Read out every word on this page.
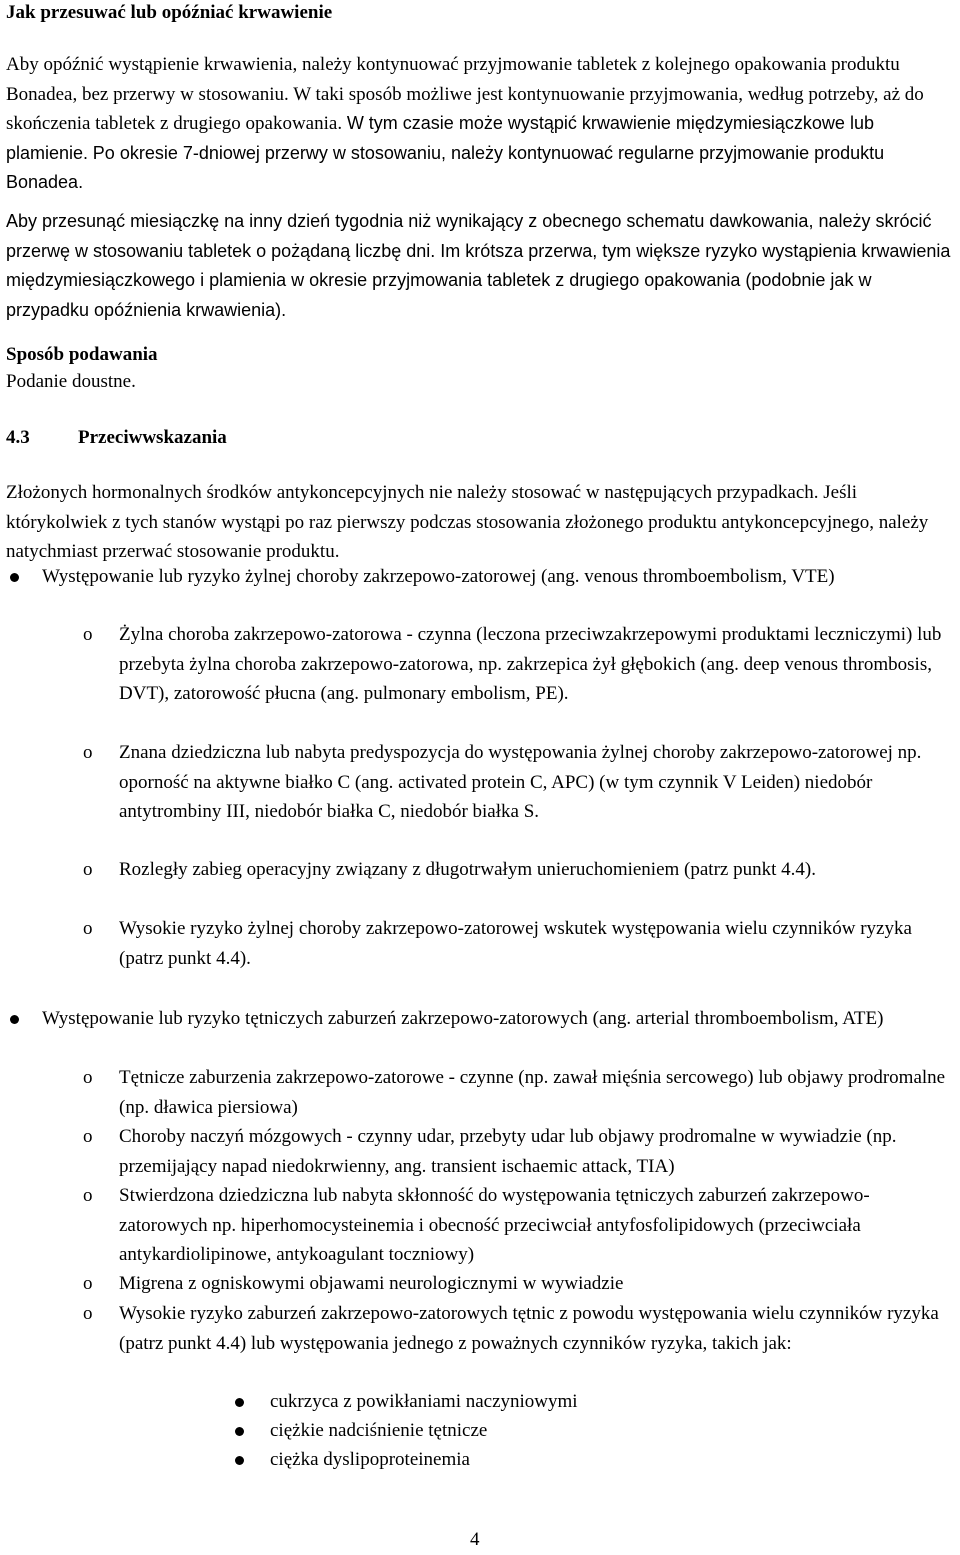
Jak przesuwać lub opóźniać krwawienie
Aby opóźnić wystąpienie krwawienia, należy kontynuować przyjmowanie tabletek z kolejnego opakowania produktu Bonadea, bez przerwy w stosowaniu. W taki sposób możliwe jest kontynuowanie przyjmowania, według potrzeby, aż do skończenia tabletek z drugiego opakowania. W tym czasie może wystąpić krwawienie międzymiesiączkowe lub plamienie. Po okresie 7-dniowej przerwy w stosowaniu, należy kontynuować regularne przyjmowanie produktu Bonadea.
Aby przesunąć miesiączkę na inny dzień tygodnia niż wynikający z obecnego schematu dawkowania, należy skrócić przerwę w stosowaniu tabletek o pożądaną liczbę dni. Im krótsza przerwa, tym większe ryzyko wystąpienia krwawienia międzymiesiączkowego i plamienia w okresie przyjmowania tabletek z drugiego opakowania (podobnie jak w przypadku opóźnienia krwawienia).
Sposób podawania
Podanie doustne.
4.3	Przeciwwskazania
Złożonych hormonalnych środków antykoncepcyjnych nie należy stosować w następujących przypadkach. Jeśli którykolwiek z tych stanów wystąpi po raz pierwszy podczas stosowania złożonego produktu antykoncepcyjnego, należy natychmiast przerwać stosowanie produktu.
Występowanie lub ryzyko żylnej choroby zakrzepowo-zatorowej (ang. venous thromboembolism, VTE)
o Żylna choroba zakrzepowo-zatorowa - czynna (leczona przeciwzakrzepowymi produktami leczniczymi) lub przebyta żylna choroba zakrzepowo-zatorowa, np. zakrzepica żył głębokich (ang. deep venous thrombosis, DVT), zatorowość płucna (ang. pulmonary embolism, PE).
o Znana dziedziczna lub nabyta predyspozycja do występowania żylnej choroby zakrzepowo-zatorowej np. oporność na aktywne białko C (ang. activated protein C, APC) (w tym czynnik V Leiden) niedobór antytrombiny III, niedobór białka C, niedobór białka S.
o Rozległy zabieg operacyjny związany z długotrwałym unieruchomieniem (patrz punkt 4.4).
o Wysokie ryzyko żylnej choroby zakrzepowo-zatorowej wskutek występowania wielu czynników ryzyka (patrz punkt 4.4).
Występowanie lub ryzyko tętniczych zaburzeń zakrzepowo-zatorowych (ang. arterial thromboembolism, ATE)
o Tętnicze zaburzenia zakrzepowo-zatorowe - czynne (np. zawał mięśnia sercowego) lub objawy prodromalne (np. dławica piersiowa)
o Choroby naczyń mózgowych - czynny udar, przebyty udar lub objawy prodromalne w wywiadzie (np. przemijający napad niedokrwienny, ang. transient ischaemic attack, TIA)
o Stwierdzona dziedziczna lub nabyta skłonność do występowania tętniczych zaburzeń zakrzepowo-zatorowych np. hiperhomocysteinemia i obecność przeciwciał antyfosfolipidowych (przeciwciała antykardiolipinowe, antykoagulant toczniowy)
o Migrena z ogniskowymi objawami neurologicznymi w wywiadzie
o Wysokie ryzyko zaburzeń zakrzepowo-zatorowych tętnic z powodu występowania wielu czynników ryzyka (patrz punkt 4.4) lub występowania jednego z poważnych czynników ryzyka, takich jak:
cukrzyca z powikłaniami naczyniowymi
ciężkie nadciśnienie tętnicze
ciężka dyslipoproteinemia
4
